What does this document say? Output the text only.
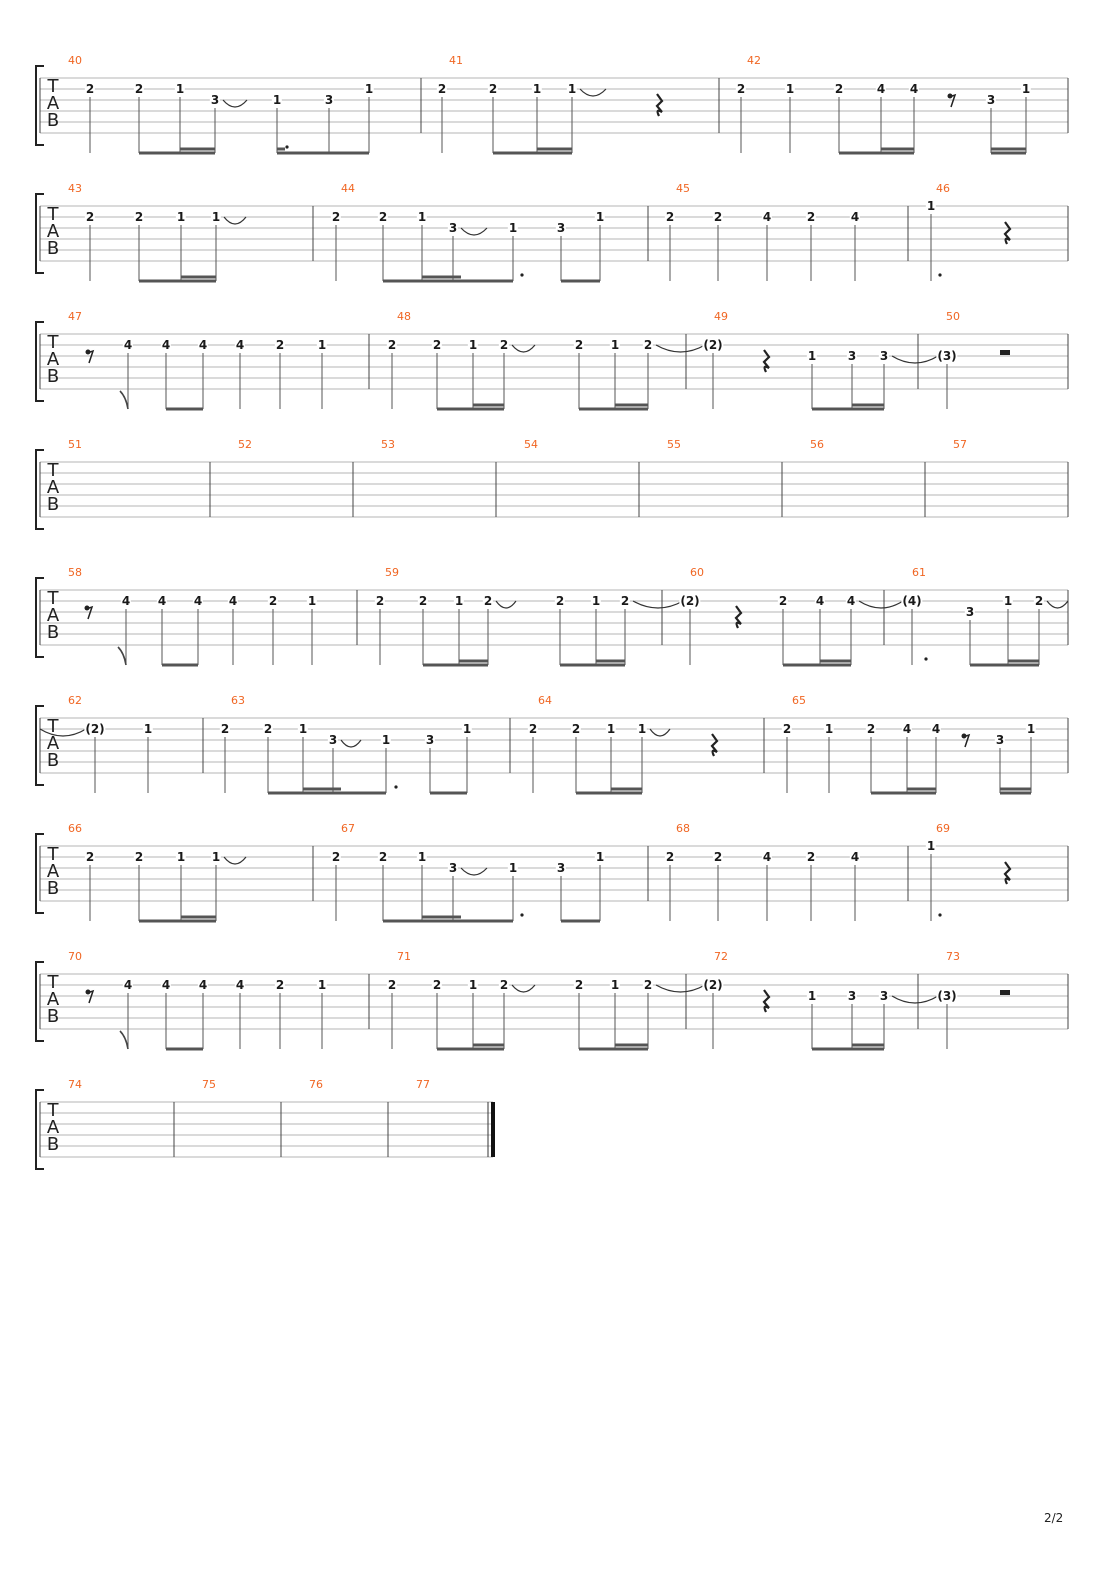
T
A
B
40
2	2	1
3	1	3
1
41
2	2	1 1
42
2	1	2	4 4
3
1
T
A
B
43
2	2	1 1
44
2	2	1
3	1	3
1
45
2	2	4	2	4
46
1
T
A
B
47
4 4 4 4	2	1
48
2	2 1 2	2 1 2
49
(2)
1	3 3
50
(3)
T
A
B
51	52	53	54	55	56	57
T
A
B
58
4 4 4 4	2	1
59
2	2 1 2	2 1 2
60
(2)	2 4 4
61
(4)
3
1 2
T
A
B
62
(2)	1
63
2	2 1
3	1	3
1
64
2	2 1 1
65
2	1	2 4 4
3
1
T
A
B
66
2	2	1 1
67
2	2	1
3	1	3
1
68
2	2	4	2	4
69
1
T
A
B
70
4 4 4 4	2	1
71
2	2 1 2	2 1 2
72
(2)
1	3 3
73
(3)
T
A
B
74	75	76	77
2/2
